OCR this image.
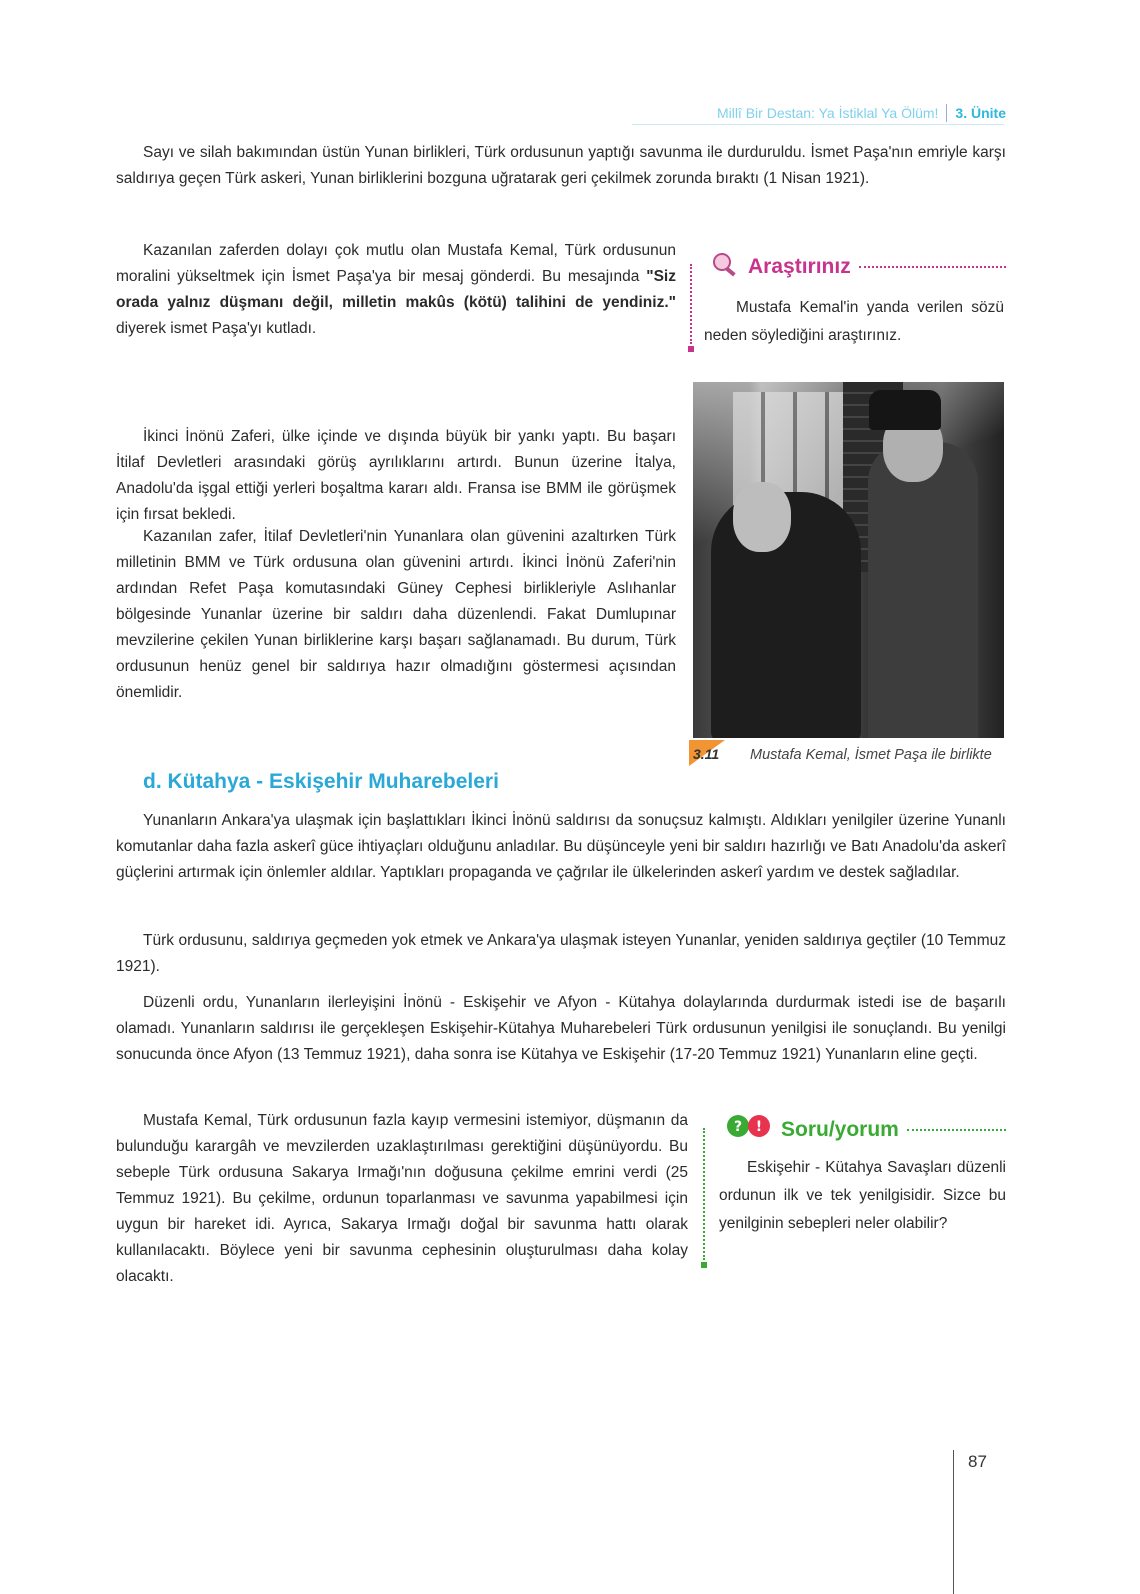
Millî Bir Destan: Ya İstiklal Ya Ölüm! 3. Ünite

Sayı ve silah bakımından üstün Yunan birlikleri, Türk ordusunun yaptığı savunma ile durduruldu. İsmet Paşa'nın emriyle karşı saldırıya geçen Türk askeri, Yunan birliklerini bozguna uğratarak geri çekilmek zorunda bıraktı (1 Nisan 1921).

Kazanılan zaferden dolayı çok mutlu olan Mustafa Kemal, Türk ordusunun moralini yükseltmek için İsmet Paşa'ya bir mesaj gönderdi. Bu mesajında "Siz orada yalnız düşmanı değil, milletin makûs (kötü) talihini de yendiniz." diyerek ismet Paşa'yı kutladı.

İkinci İnönü Zaferi, ülke içinde ve dışında büyük bir yankı yaptı. Bu başarı İtilaf Devletleri arasındaki görüş ayrılıklarını artırdı. Bunun üzerine İtalya, Anadolu'da işgal ettiği yerleri boşaltma kararı aldı. Fransa ise BMM ile görüşmek için fırsat bekledi.

Kazanılan zafer, İtilaf Devletleri'nin Yunanlara olan güvenini azaltırken Türk milletinin BMM ve Türk ordusuna olan güvenini artırdı. İkinci İnönü Zaferi'nin ardından Refet Paşa komutasındaki Güney Cephesi birlikleriyle Aslıhanlar bölgesinde Yunanlar üzerine bir saldırı daha düzenlendi. Fakat Dumlupınar mevzilerine çekilen Yunan birliklerine karşı başarı sağlanamadı. Bu durum, Türk ordusunun henüz genel bir saldırıya hazır olmadığını göstermesi açısından önemlidir.

Araştırınız

Mustafa Kemal'in yanda verilen sözü neden söylediğini araştırınız.

3.11 Mustafa Kemal, İsmet Paşa ile birlikte
d. Kütahya - Eskişehir Muharebeleri

Yunanların Ankara'ya ulaşmak için başlattıkları İkinci İnönü saldırısı da sonuçsuz kalmıştı. Aldıkları yenilgiler üzerine Yunanlı komutanlar daha fazla askerî güce ihtiyaçları olduğunu anladılar. Bu düşünceyle yeni bir saldırı hazırlığı ve Batı Anadolu'da askerî güçlerini artırmak için önlemler aldılar. Yaptıkları propaganda ve çağrılar ile ülkelerinden askerî yardım ve destek sağladılar.

Türk ordusunu, saldırıya geçmeden yok etmek ve Ankara'ya ulaşmak isteyen Yunanlar, yeniden saldırıya geçtiler (10 Temmuz 1921).

Düzenli ordu, Yunanların ilerleyişini İnönü - Eskişehir ve Afyon - Kütahya dolaylarında durdurmak istedi ise de başarılı olamadı. Yunanların saldırısı ile gerçekleşen Eskişehir-Kütahya Muharebeleri Türk ordusunun yenilgisi ile sonuçlandı. Bu yenilgi sonucunda önce Afyon (13 Temmuz 1921), daha sonra ise Kütahya ve Eskişehir (17-20 Temmuz 1921) Yunanların eline geçti.

Mustafa Kemal, Türk ordusunun fazla kayıp vermesini istemiyor, düşmanın da bulunduğu karargâh ve mevzilerden uzaklaştırılması gerektiğini düşünüyordu. Bu sebeple Türk ordusuna Sakarya Irmağı'nın doğusuna çekilme emrini verdi (25 Temmuz 1921). Bu çekilme, ordunun toparlanması ve savunma yapabilmesi için uygun bir hareket idi. Ayrıca, Sakarya Irmağı doğal bir savunma hattı olarak kullanılacaktı. Böylece yeni bir savunma cephesinin oluşturulması daha kolay olacaktı.

? ! Soru/yorum

Eskişehir - Kütahya Savaşları düzenli ordunun ilk ve tek yenilgisidir. Sizce bu yenilginin sebepleri neler olabilir?

87
